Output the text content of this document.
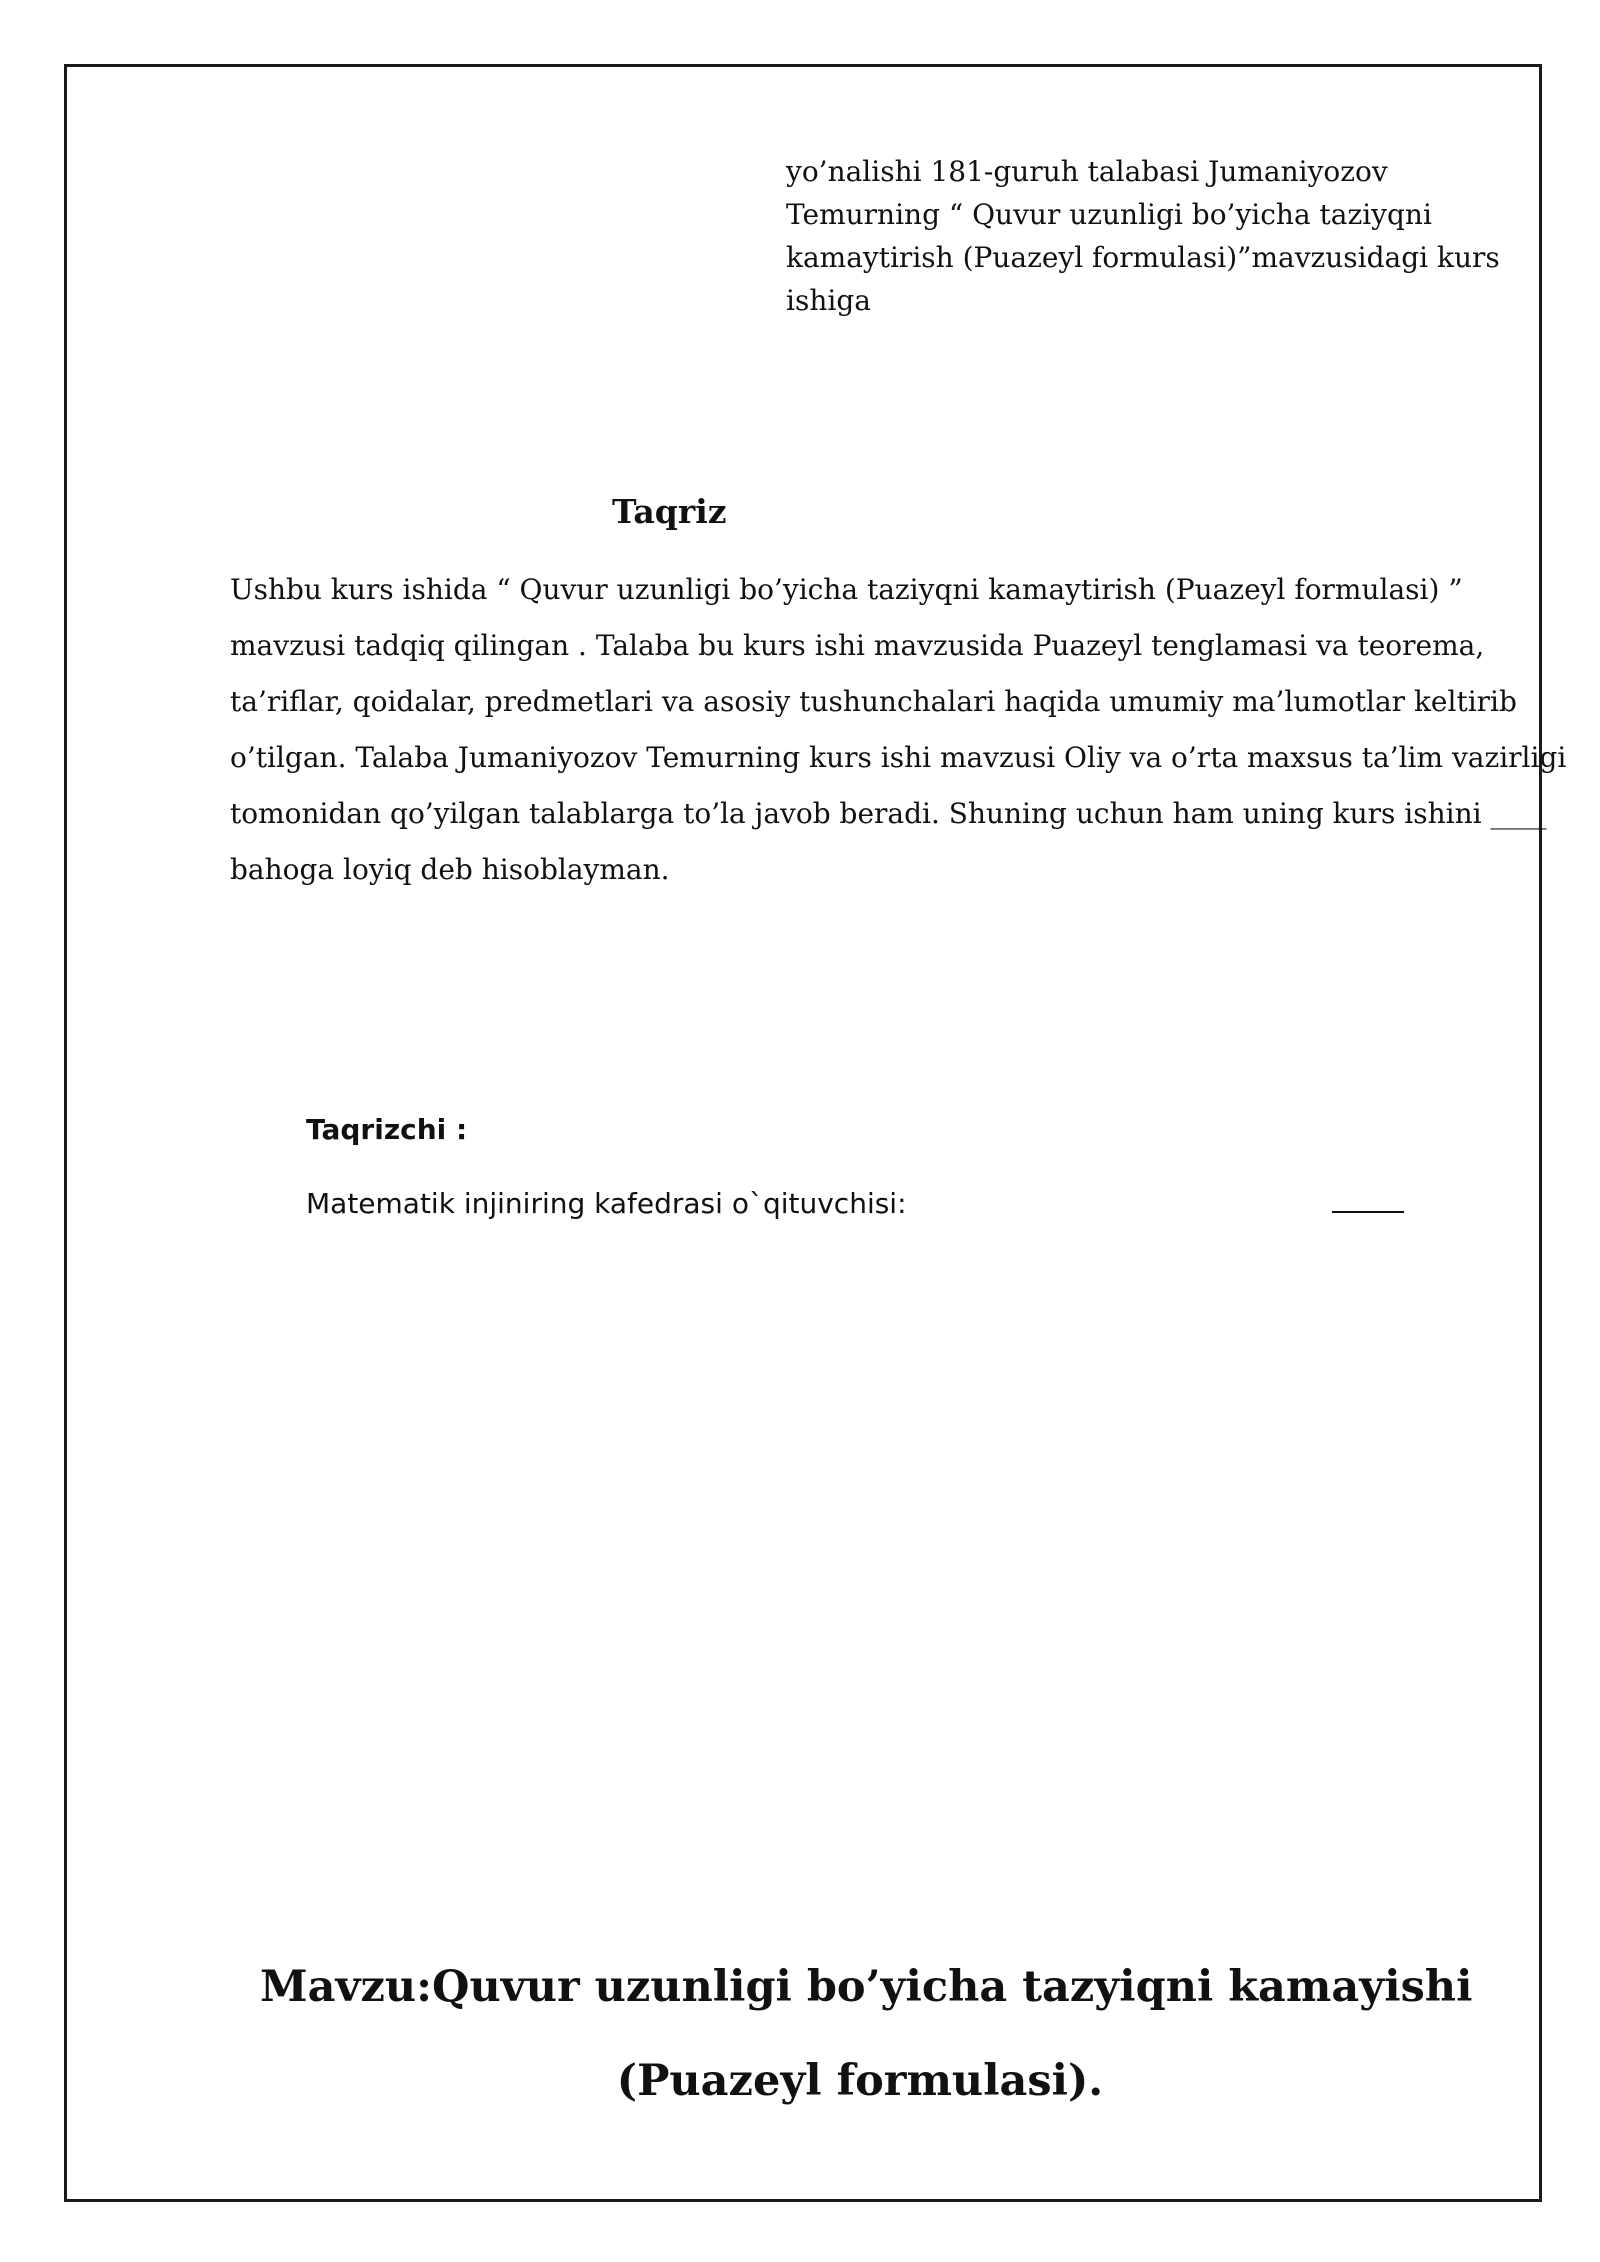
yo’nalishi 181-guruh talabasi Jumaniyozov
Temurning “ Quvur uzunligi bo’yicha taziyqni
kamaytirish (Puazeyl formulasi)”mavzusidagi kurs
ishiga
Taqriz
Ushbu kurs ishida “ Quvur uzunligi bo’yicha taziyqni kamaytirish (Puazeyl formulasi) ”
mavzusi tadqiq qilingan . Talaba bu kurs ishi mavzusida Puazeyl tenglamasi va teorema,
ta’riflar, qoidalar, predmetlari va asosiy tushunchalari haqida umumiy ma’lumotlar keltirib
o’tilgan. Talaba Jumaniyozov Temurning kurs ishi mavzusi Oliy va o’rta maxsus ta’lim vazirligi
tomonidan qo’yilgan talablarga to’la javob beradi. Shuning uchun ham uning kurs ishini ____
bahoga loyiq deb hisoblayman.
Taqrizchi :
Matematik injiniring kafedrasi o`qituvchisi:
Mavzu:Quvur uzunligi bo’yicha tazyiqni kamayishi
(Puazeyl formulasi).
